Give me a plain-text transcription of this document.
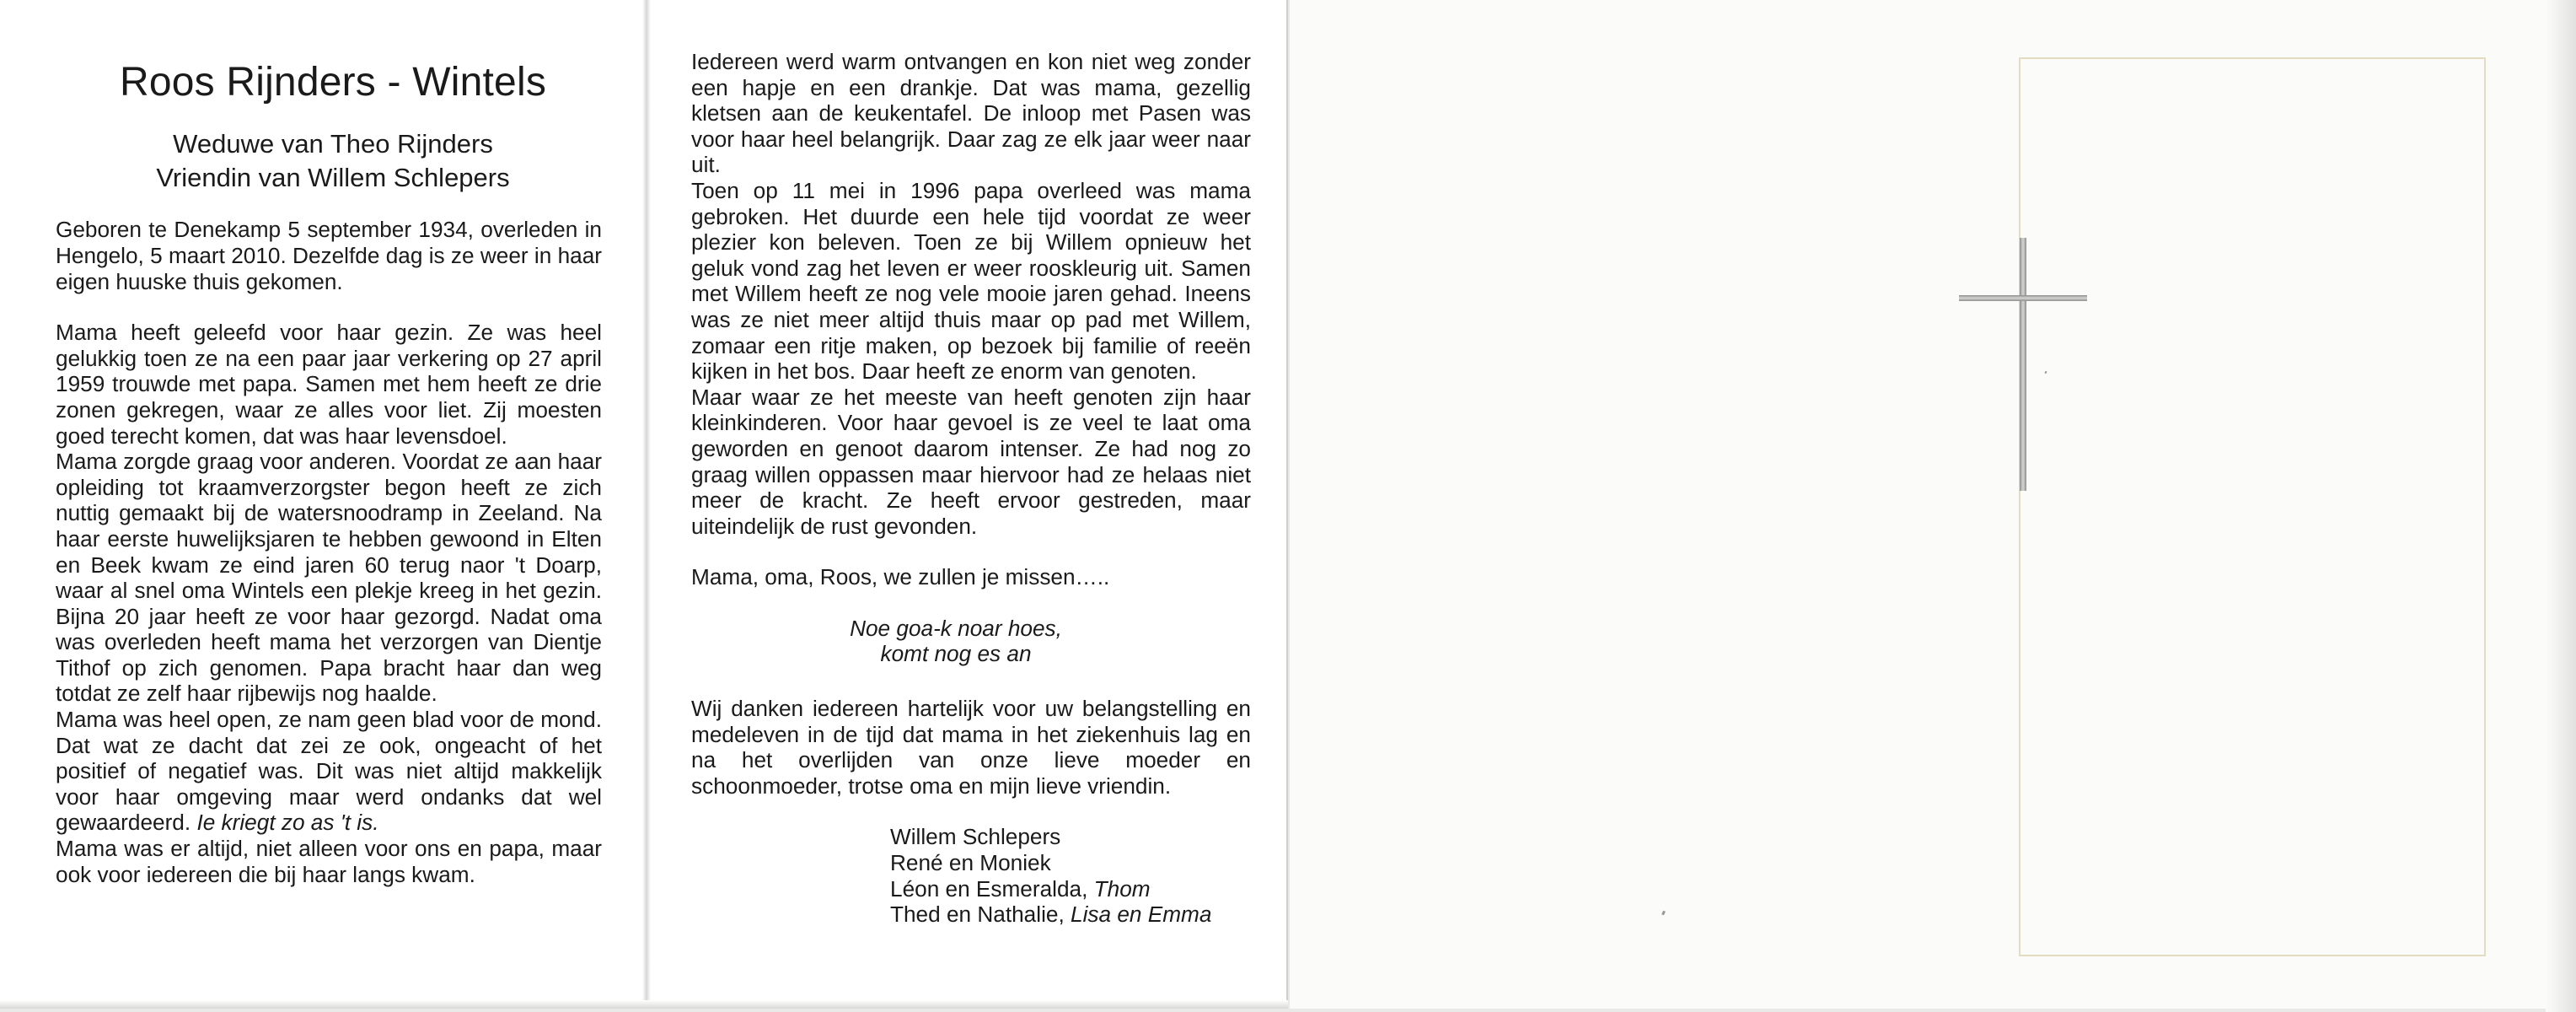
Roos Rijnders - Wintels

Weduwe van Theo Rijnders

Vriendin van Willem Schlepers

Geboren te Denekamp 5 september 1934, overleden in Hengelo, 5 maart 2010. Dezelfde dag is ze weer in haar eigen huuske thuis gekomen.

Mama heeft geleefd voor haar gezin. Ze was heel gelukkig toen ze na een paar jaar verkering op 27 april 1959 trouwde met papa. Samen met hem heeft ze drie zonen gekregen, waar ze alles voor liet. Zij moesten goed terecht komen, dat was haar levensdoel.

Mama zorgde graag voor anderen. Voordat ze aan haar opleiding tot kraamverzorgster begon heeft ze zich nuttig gemaakt bij de watersnoodramp in Zeeland. Na haar eerste huwelijksjaren te hebben gewoond in Elten en Beek kwam ze eind jaren 60 terug naor 't Doarp, waar al snel oma Wintels een plekje kreeg in het gezin. Bijna 20 jaar heeft ze voor haar gezorgd. Nadat oma was overleden heeft mama het verzorgen van Dientje Tithof op zich genomen. Papa bracht haar dan weg totdat ze zelf haar rijbewijs nog haalde.

Mama was heel open, ze nam geen blad voor de mond. Dat wat ze dacht dat zei ze ook, ongeacht of het positief of negatief was. Dit was niet altijd makkelijk voor haar omgeving maar werd ondanks dat wel gewaardeerd. Ie kriegt zo as 't is.

Mama was er altijd, niet alleen voor ons en papa, maar ook voor iedereen die bij haar langs kwam.

Iedereen werd warm ontvangen en kon niet weg zonder een hapje en een drankje. Dat was mama, gezellig kletsen aan de keukentafel. De inloop met Pasen was voor haar heel belangrijk. Daar zag ze elk jaar weer naar uit.

Toen op 11 mei in 1996 papa overleed was mama gebroken. Het duurde een hele tijd voordat ze weer plezier kon beleven. Toen ze bij Willem opnieuw het geluk vond zag het leven er weer rooskleurig uit. Samen met Willem heeft ze nog vele mooie jaren gehad. Ineens was ze niet meer altijd thuis maar op pad met Willem, zomaar een ritje maken, op bezoek bij familie of reeën kijken in het bos. Daar heeft ze enorm van genoten.

Maar waar ze het meeste van heeft genoten zijn haar kleinkinderen. Voor haar gevoel is ze veel te laat oma geworden en genoot daarom intenser. Ze had nog zo graag willen oppassen maar hiervoor had ze helaas niet meer de kracht. Ze heeft ervoor gestreden, maar uiteindelijk de rust gevonden.

Mama, oma, Roos, we zullen je missen…..

Noe goa-k noar hoes,
komt nog es an

Wij danken iedereen hartelijk voor uw belangstelling en medeleven in de tijd dat mama in het ziekenhuis lag en na het overlijden van onze lieve moeder en schoonmoeder, trotse oma en mijn lieve vriendin.

Willem Schlepers
René en Moniek
Léon en Esmeralda, Thom
Thed en Nathalie, Lisa en Emma
